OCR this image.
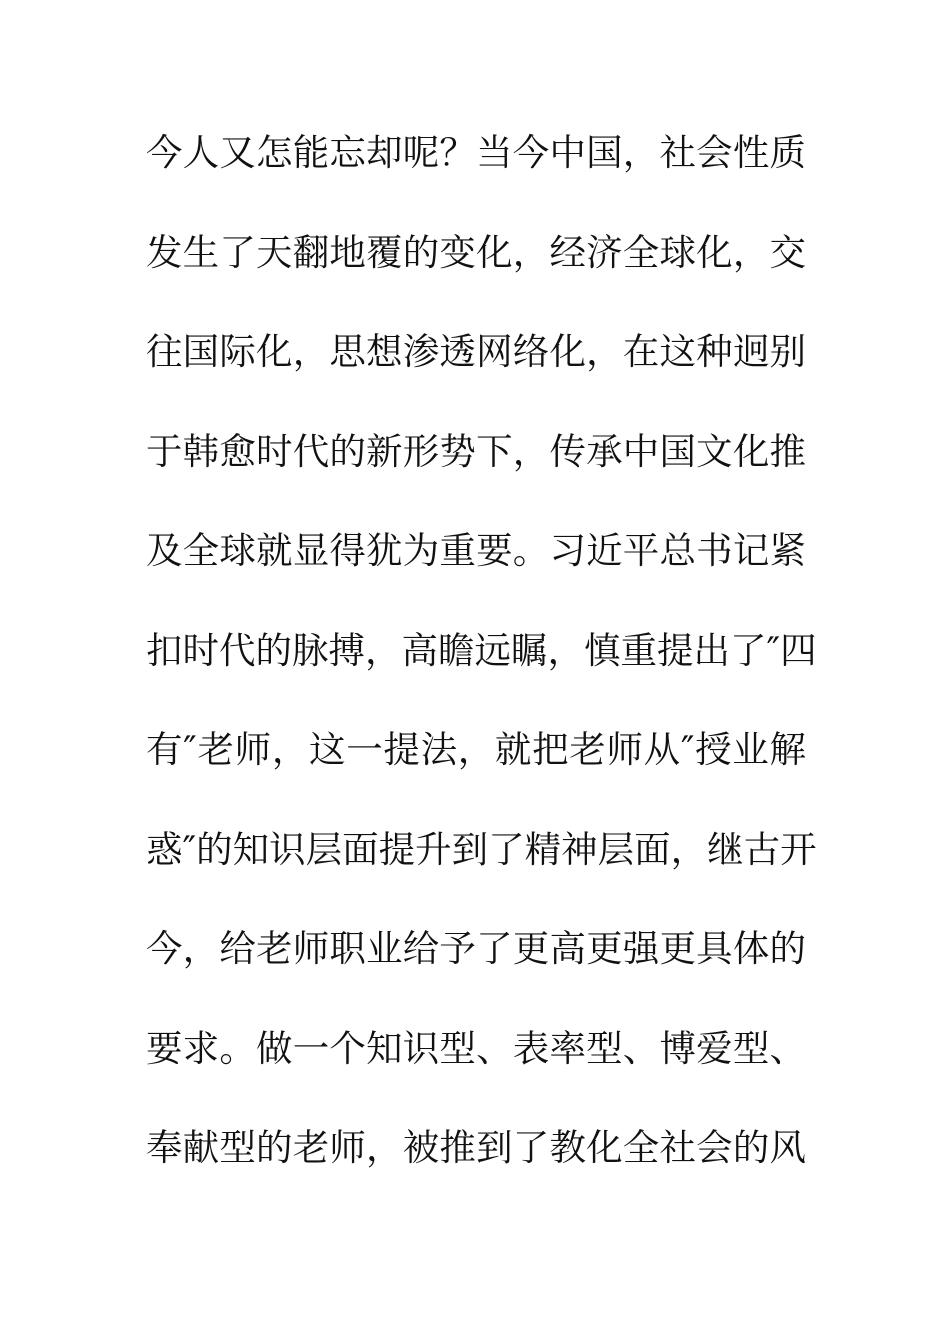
今人又怎能忘却呢？当今中国，社会性质
发生了天翻地覆的变化，经济全球化，交
往国际化，思想渗透网络化，在这种迥别
于韩愈时代的新形势下，传承中国文化推
及全球就显得犹为重要。习近平总书记紧
扣时代的脉搏，高瞻远瞩，慎重提出了″四
有″老师，这一提法，就把老师从″授业解
惑″的知识层面提升到了精神层面，继古开
今，给老师职业给予了更高更强更具体的
要求。做一个知识型、表率型、博爱型、
奉献型的老师，被推到了教化全社会的风
